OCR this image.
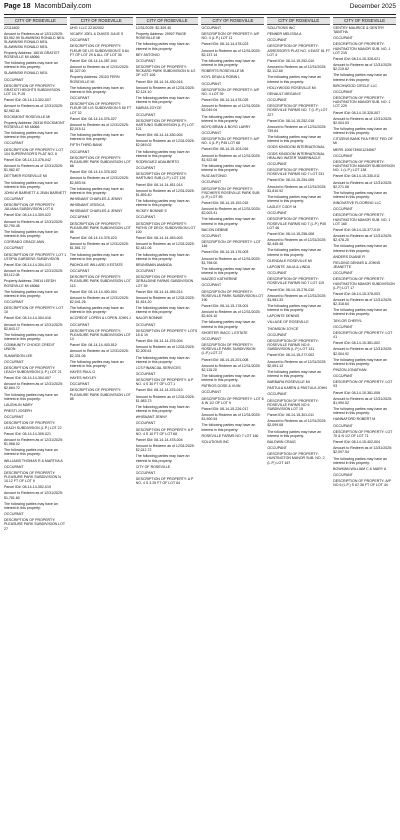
Page 18 MacombDaily.com	December 2025
CITY OF ROSEVILLE

22114602

Amount to Redeem as of 12/31/2025: $3,962.99 SLAWINSKI RONALD NEIL SLAWINSKI RONALD NEIL SLAWINSKI RONALD NEIL

Property Address: 16015 GRATIOT ROSEVILLE MI 48066

The following parties may have an interest in this property:

SLAWINSKI RONALD NEIL

OCCUPANT

DESCRIPTION OF PROPERTY: GRATIOT HEIGHTS SUBDIVISION LOT 14, P-26

Parcel ID#: 08-14-13-302-007

Amount to Redeem as of 12/31/2025: $2,962.81

ROCKMONT ROSEVILLE MI

Property Address: 26316 ROCKMONT ROSEVILLE MI 48066

The following parties may have an interest in this property:

OCCUPANT

DESCRIPTION OF PROPERTY: LOT 104 SUPERVISOR'S PLAT NO. 6

Parcel ID#: 08-14-13-376-042

Amount to Redeem as of 12/31/2025: $1,982.87

DETTMER ROSEVILLE MI

The following parties may have an interest in this property:

JOHN W BARNETT & JEAN BARNETT

OCCUPANT

DESCRIPTION OF PROPERTY: JULIANA SUBDIVISION LOT 8

Parcel ID#: 08-14-14-309-022

Amount to Redeem as of 12/31/2025: $2,790.45

The following parties may have an interest in this property:

CORRADO GRACE ANN

OCCUPANT

DESCRIPTION OF PROPERTY: LOT 1 UTOPIA GARDENS SUBDIVISION

Parcel ID#: 08-14-14-304-013

Amount to Redeem as of 12/31/2025: $3,112.08

Property Address: 29814 LEEDH ROSEVILLE MI 48066

The following parties may have an interest in this property:

OCCUPANT

DESCRIPTION OF PROPERTY: LOT 10

Parcel ID#: 08-14-14-304-016

Amount to Redeem as of 12/31/2025: $2,843.17

The following parties may have an interest in this property:

COMMUNITY CHOICE CREDIT UNION

SUMARDON LEE

OCCUPANT

DESCRIPTION OF PROPERTY: LEACH SUBDIVISION (L.P.) LOT 21

Parcel ID#: 08-14-14-304-007

Amount to Redeem as of 12/31/2025: $2,664.72

The following parties may have an interest in this property:

LAUGHLIN MARY

PRESTI JOSEPH

OCCUPANT

DESCRIPTION OF PROPERTY: LEACH SUBDIVISION (L.P.) LOT 22

Parcel ID#: 08-14-14-305-021

Amount to Redeem as of 12/31/2025: $1,968.02

The following parties may have an interest in this property:

WILLIAMS THOMAS R & MARTHA A

OCCUPANT

DESCRIPTION OF PROPERTY: PLEASURE PARK SUBDIVISION N 10.12 FT OF LOT 9

Parcel ID#: 08-14-14-352-019

Amount to Redeem as of 12/31/2025: $1,781.60

The following parties may have an interest in this property:

OCCUPANT

DESCRIPTION OF PROPERTY: PLEASURE PARK SUBDIVISION LOT 27

CITY OF ROSEVILLE

UHG I LLC 22102002

VICARY JOEL & DUKES JULIE S

OCCUPANT

DESCRIPTION OF PROPERTY: FLEUR DE LIS SUBDIVISION E 5.64 FT OF LOT 29 & ALL OF LOT 30

Parcel ID#: 08-14-14-357-044

Amount to Redeem as of 12/31/2025: $1,327.00

Property Address: 25103 FERN ROSEVILLE MI

The following parties may have an interest in this property:

OCCUPANT

DESCRIPTION OF PROPERTY: FLEUR DE LIS SUBDIVISION S 60 FT LOT 32

Parcel ID#: 08-14-14-376-027

Amount to Redeem as of 12/31/2025: $2,015.11

The following parties may have an interest in this property:

FIFTH THIRD BANK

OCCUPANT

DESCRIPTION OF PROPERTY: PLEASURE PARK SUBDIVISION LOT 68

Parcel ID#: 08-14-14-378-002

Amount to Redeem as of 12/31/2025: $2,893.94

The following parties may have an interest in this property:

WHISNANT CHARLES & JENNY

WHISNANT JESSICA

WHISNANT CHARLES & JENNY

OCCUPANT

DESCRIPTION OF PROPERTY: PLEASURE PARK SUBDIVISION LOT 86

Parcel ID#: 08-14-14-378-023

Amount to Redeem as of 12/31/2025: $1,581.72

The following parties may have an interest in this property:

PADHOLKE WILLARD II ESTATE

OCCUPANT

DESCRIPTION OF PROPERTY: PLEASURE PARK SUBDIVISION LOT 113

Parcel ID#: 08-14-14-400-004

Amount to Redeem as of 12/31/2025: $2,041.26

The following parties may have an interest in this property:

ACCREDIT LOPEN & LOPEN JOHN J

OCCUPANT

DESCRIPTION OF PROPERTY: PLEASURE PARK SUBDIVISION LOT 14

Parcel ID#: 08-14-14-403-010

Amount to Redeem as of 12/31/2025: $2,331.06

The following parties may have an interest in this property:

HAYES PAUL G

HAYES HAYLEY

OCCUPANT

DESCRIPTION OF PROPERTY: PLEASURE PARK SUBDIVISION LOT 85

CITY OF ROSEVILLE

12/31/2025: $2,309.40

Property Address: 29907 PAIGE ROSEVILLE MI

The following parties may have an interest in this property:

BEY ANTONIO

OCCUPANT

DESCRIPTION OF PROPERTY: RICKARD PARK SUBDIVISION N 1/2 OF LOT 106

Parcel ID#: 08-14-14-430-016

Amount to Redeem as of 12/31/2025: $2,124.10

The following parties may have an interest in this property:

MARIJA ZOYCE

OCCUPANT

DESCRIPTION OF PROPERTY: HARTUNG SUBDIVISION (L.P.) LOT 121

Parcel ID#: 08-14-14-430-004

Amount to Redeem as of 12/31/2025: $2,049.02

The following parties may have an interest in this property:

RODRIGUEZ ADALBERTO

OCCUPANT

DESCRIPTION OF PROPERTY: HARTUNG SUB (L.P.) LOT 126

Parcel ID#: 08-14-14-451-014

Amount to Redeem as of 12/31/2025: $1,893.40

The following parties may have an interest in this property:

HICKEY BONNIE S

OCCUPANT

DESCRIPTION OF PROPERTY: PATHS OF DECK SUBDIVISION LOT 100

Parcel ID#: 08-14-14-453-003

Amount to Redeem as of 12/31/2025: $2,441.06

The following parties may have an interest in this property:

BRUNSMAN AMANDA

OCCUPANT

DESCRIPTION OF PROPERTY: GERALDINE FARMS SUBDIVISION LOT 39

Parcel ID#: 08-14-14-455-014

Amount to Redeem as of 12/31/2025: $1,814.20

The following parties may have an interest in this property:

NALOR BONNIE

OCCUPANT

DESCRIPTION OF PROPERTY: LOTS 18 & 19

Parcel ID#: 08-14-14-476-004

Amount to Redeem as of 12/31/2025: $2,205.61

The following parties may have an interest in this property:

LCS FINANCIAL SERVICES

OCCUPANT

DESCRIPTION OF PROPERTY: A P NO. 4 S 30 FT OF LOT 1

Parcel ID#: 08-14-14-476-010

Amount to Redeem as of 12/31/2025: $1,983.73

The following parties may have an interest in this property:

WHISNANT JENNY

OCCUPANT

DESCRIPTION OF PROPERTY: A P NO. 4 S 10 FT OF LOT 68

Parcel ID#: 08-14-14-478-004

Amount to Redeem as of 12/31/2025: $2,012.72

The following parties may have an interest in this property:

CITY OF ROSEVILLE

OCCUPANT

DESCRIPTION OF PROPERTY: A P NO. 4 S 3.25 FT OF LOT 64

CITY OF ROSEVILLE

OCCUPANT

DESCRIPTION OF PROPERTY: A/P NO. 4 (L.P.) LOT 11

Parcel ID#: 08-14-14-478-023

Amount to Redeem as of 12/31/2025: $2,137.14

The following parties may have an interest in this property:

ROBERTS ROSEVILLE MI

KOYL DEAN & ROBIN L

OCCUPANT

DESCRIPTION OF PROPERTY: A/P NO. 4 LOT 39

Parcel ID#: 08-14-14-478-025

Amount to Redeem as of 12/31/2025: $2,049.04

The following parties may have an interest in this property:

BOYD BRIAN & BOYD LARRY

OCCUPANT

DESCRIPTION OF PROPERTY: A/P NO. 4 (L.P.) P45 LOT 68

Parcel ID#: 08-14-15-103-016

Amount to Redeem as of 12/31/2025: $1,922.68

The following parties may have an interest in this property:

RUIZ ANTONIO

OCCUPANT

DESCRIPTION OF PROPERTY: FISCHER'S ROSEVILLE PARK SUB (L.P.) LOT 55

Parcel ID#: 08-14-15-152-015

Amount to Redeem as of 12/31/2025: $2,003.41

The following parties may have an interest in this property:

BACON DEBBIE

OCCUPANT

DESCRIPTION OF PROPERTY: LOT 146

Parcel ID#: 08-14-15-176-003

Amount to Redeem as of 12/31/2025: $1,798.00

The following parties may have an interest in this property:

MAZZEO KATHERINE

OCCUPANT

DESCRIPTION OF PROPERTY: ROSEVILLE PARK SUBDIVISION LOT 190

Parcel ID#: 08-14-15-178-001

Amount to Redeem as of 12/31/2025: $2,404.10

The following parties may have an interest in this property:

SHORTER ISACC L ESTATE

OCCUPANT

DESCRIPTION OF PROPERTY: ROSEVILLE PARK SUBDIVISION (L.P.) LOT 27

Parcel ID#: 08-14-15-201-008

Amount to Redeem as of 12/31/2025: $2,115.20

The following parties may have an interest in this property:

PATRIOS DOSE & VUIN

OCCUPANT

DESCRIPTION OF PROPERTY: LOT 8 & W 1/2 OF LOT 9

Parcel ID#: 08-14-15-226-017

Amount to Redeem as of 12/31/2025: $1,900.54

The following parties may have an interest in this property:

ROSEVILLE FARMS NO 7 LOT 160

SOLUTIONS INC

CITY OF ROSEVILLE

SOLUTIONS INC

PENNER MELISSA A

OCCUPANT

DESCRIPTION OF PROPERTY: ASSESSOR'S PLAT NO. 4 EAST 61 FT LOT 4

Parcel ID#: 08-14-15-252-010

Amount to Redeem as of 12/31/2025: $2,112.60

The following parties may have an interest in this property:

HOLLYWOOD ROSEVILLE MI

DENAULT MEGAN E

OCCUPANT

DESCRIPTION OF PROPERTY: ROSEVILLE FARMS NO. 7 (L.P.) LOT 227

Parcel ID#: 08-14-15-252-018

Amount to Redeem as of 12/31/2025: 739.64

The following parties may have an interest in this property:

GODS KINGDOM INTERNATIONAL

GODS KINGDOM INTERNATIONAL HEALING WATER TABERNACLE

OCCUPANT

DESCRIPTION OF PROPERTY: ROSEVILLE FARMS NO 7 LOT 231

Parcel ID#: 08-14-15-254-005

Amount to Redeem as of 12/31/2025: $1,810.92

The following parties may have an interest in this property:

LAGLEY CODY M

OCCUPANT

DESCRIPTION OF PROPERTY: ROSEVILLE FARMS NO 7 (L.P.) P45 LOT 46

Parcel ID#: 08-14-15-256-008

Amount to Redeem as of 12/31/2025: $2,445.48

The following parties may have an interest in this property:

GLENDALE ROSEVILLE MI

LAPOINTE JULIA & LINDA

OCCUPANT

DESCRIPTION OF PROPERTY: ROSEVILLE FARMS NO 7 LOT 119

Parcel ID#: 08-14-15-276-010

Amount to Redeem as of 12/31/2025: $1,981.33

The following parties may have an interest in this property:

LAPOINTE DENNIS

VILLAGE OF ROSEVILLE

THOMSON JOYCE

OCCUPANT

DESCRIPTION OF PROPERTY: ROSEVILLE FARMS NO 6 SUBDIVISION (L.P.) LOT 131

Parcel ID#: 08-14-15-277-002

Amount to Redeem as of 12/31/2025: $2,051.13

The following parties may have an interest in this property:

BARBARA ROSEVILLE MI

PASTULA KAREN & PASTULA JOHN

OCCUPANT

DESCRIPTION OF PROPERTY: ROSEVILLE FARMS NO 6 SUBDIVISION LOT 15

Parcel ID#: 08-14-15-301-011

Amount to Redeem as of 12/31/2025: $2,099.08

The following parties may have an interest in this property:

BALDWIN CRAIG

OCCUPANT

DESCRIPTION OF PROPERTY: HUNTINGTON MANOR SUB. NO. 2 (L.P.) LOT 167

CITY OF ROSEVILLE

GENTRY MAURICE & GENTRY TABITHA

OCCUPANT

DESCRIPTION OF PROPERTY: HUNTINGTON MANOR SUB. NO. 1 LOT 215

Parcel ID#: 08-14-15-326-021

Amount to Redeem as of 12/31/2025: $2,215.82

The following parties may have an interest in this property:

BIRCHWOOD CIRCLE LLC

OCCUPANT

DESCRIPTION OF PROPERTY: HUNTINGTON MANOR SUB. NO. 1 LOT 229

Parcel ID#: 08-14-15-328-007

Amount to Redeem as of 12/31/2025: $2,004.53

The following parties may have an interest in this property:

CITIZENS BANK FKA FIRST FED OF MI

MERS 1000739001234567

OCCUPANT

DESCRIPTION OF PROPERTY: HUNTINGTON MANOR SUBDIVISION NO. 1 (L.P.) LOT 138

Parcel ID#: 08-14-15-330-011

Amount to Redeem as of 12/31/2025: $2,271.08

The following parties may have an interest in this property:

INNOVATIVE FLOORING LLC

OCCUPANT

DESCRIPTION OF PROPERTY: HUNTINGTON MANOR SUB. NO. 1 LOT 160

Parcel ID#: 08-14-15-377-019

Amount to Redeem as of 12/31/2025: $2,478.20

The following parties may have an interest in this property:

ANDERS DUANE R

FIELDING DENNIS & JOHNS JEANETTE

OCCUPANT

DESCRIPTION OF PROPERTY: HUNTINGTON MANOR SUBDIVISION (L.P.) LOT 17

Parcel ID#: 08-14-15-378-003

Amount to Redeem as of 12/31/2025: $2,318.64

The following parties may have an interest in this property:

TAYLOR CHERYL

OCCUPANT

DESCRIPTION OF PROPERTY: LOT 41

Parcel ID#: 08-14-15-381-002

Amount to Redeem as of 12/31/2025: $2,004.92

The following parties may have an interest in this property:

PINZON JONATHAN

OCCUPANT

DESCRIPTION OF PROPERTY: LOT 93

Parcel ID#: 08-14-15-381-006

Amount to Redeem as of 12/31/2025: $1,990.52

The following parties may have an interest in this property:

HANNAFORD ROBERT M

OCCUPANT

DESCRIPTION OF PROPERTY: LOT 70 & N 1/2 OF LOT 71

Parcel ID#: 08-14-15-402-004

Amount to Redeem as of 12/31/2025: $2,097.54

The following parties may have an interest in this property:

BOWMAN WILLIAM C & MARY A

OCCUPANT

DESCRIPTION OF PROPERTY: A/P NO 6 (L.P.) S 67.38 FT OF LOT 44
